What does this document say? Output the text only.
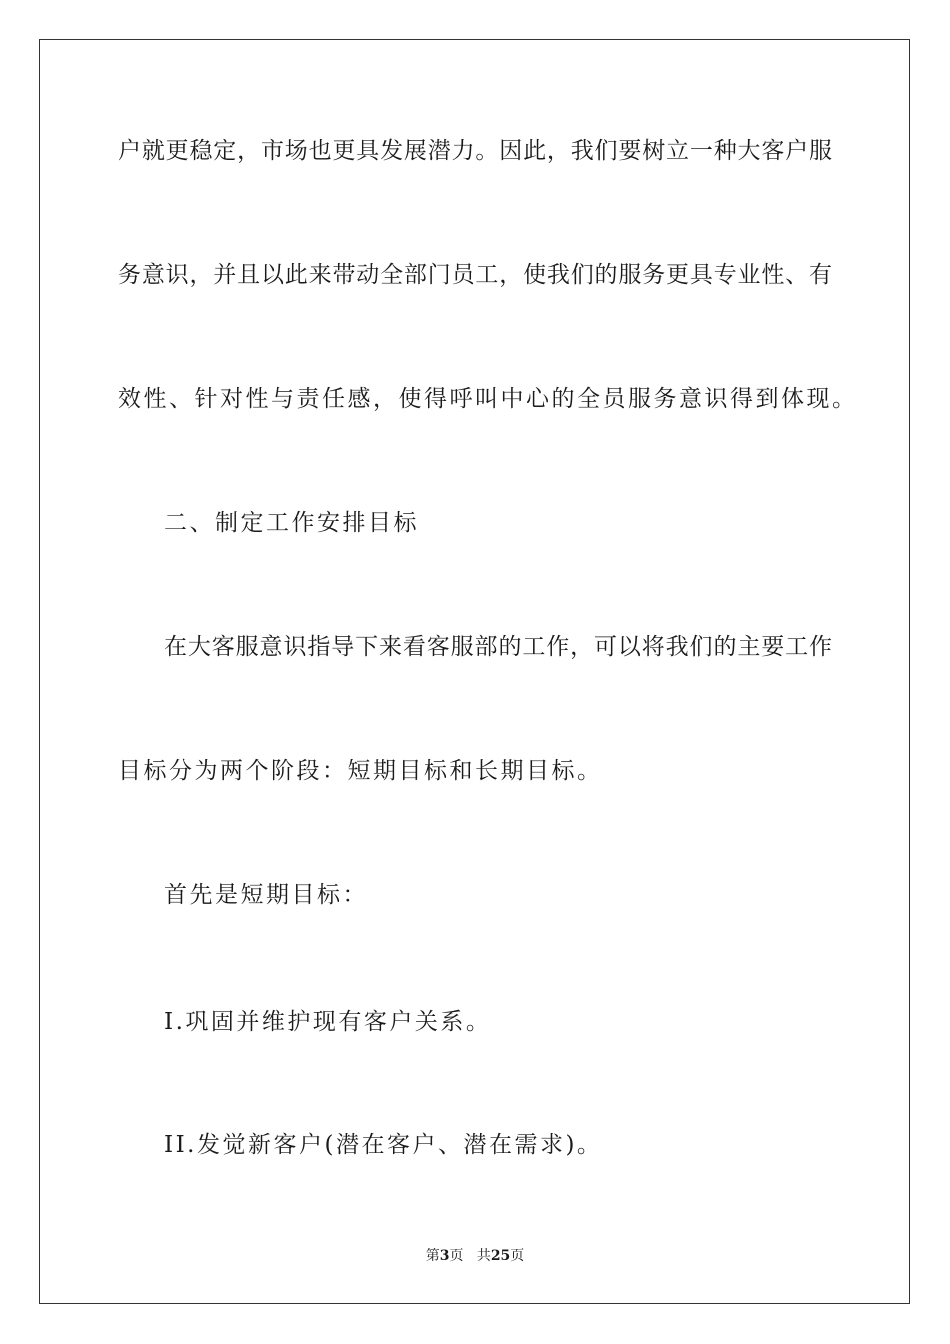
户就更稳定，市场也更具发展潜力。因此，我们要树立一种大客户服
务意识，并且以此来带动全部门员工，使我们的服务更具专业性、有
效性、针对性与责任感，使得呼叫中心的全员服务意识得到体现。
二、制定工作安排目标
在大客服意识指导下来看客服部的工作，可以将我们的主要工作
目标分为两个阶段：短期目标和长期目标。
首先是短期目标：
I.巩固并维护现有客户关系。
II.发觉新客户(潜在客户、潜在需求)。
第3页 共25页
